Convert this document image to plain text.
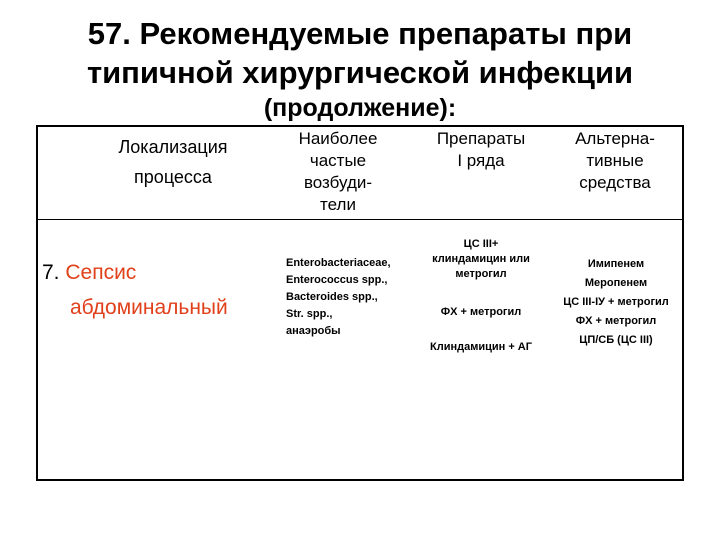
57. Рекомендуемые препараты при
типичной хирургической инфекции
(продолжение):
Локализация
процесса
Наиболее
частые
возбуди-
тели
Препараты
I ряда
Альтерна-
тивные
средства
7. Сепсис
абдоминальный
Enterobacteriaceae,
Enterococcus spp.,
Bacteroides spp.,
Str. spp.,
анаэробы
ЦС III+
клиндамицин или
метрогил
ФХ + метрогил
Клиндамицин + АГ
Имипенем
Меропенем
ЦС III-IУ + метрогил
ФХ + метрогил
ЦП/СБ (ЦС III)
